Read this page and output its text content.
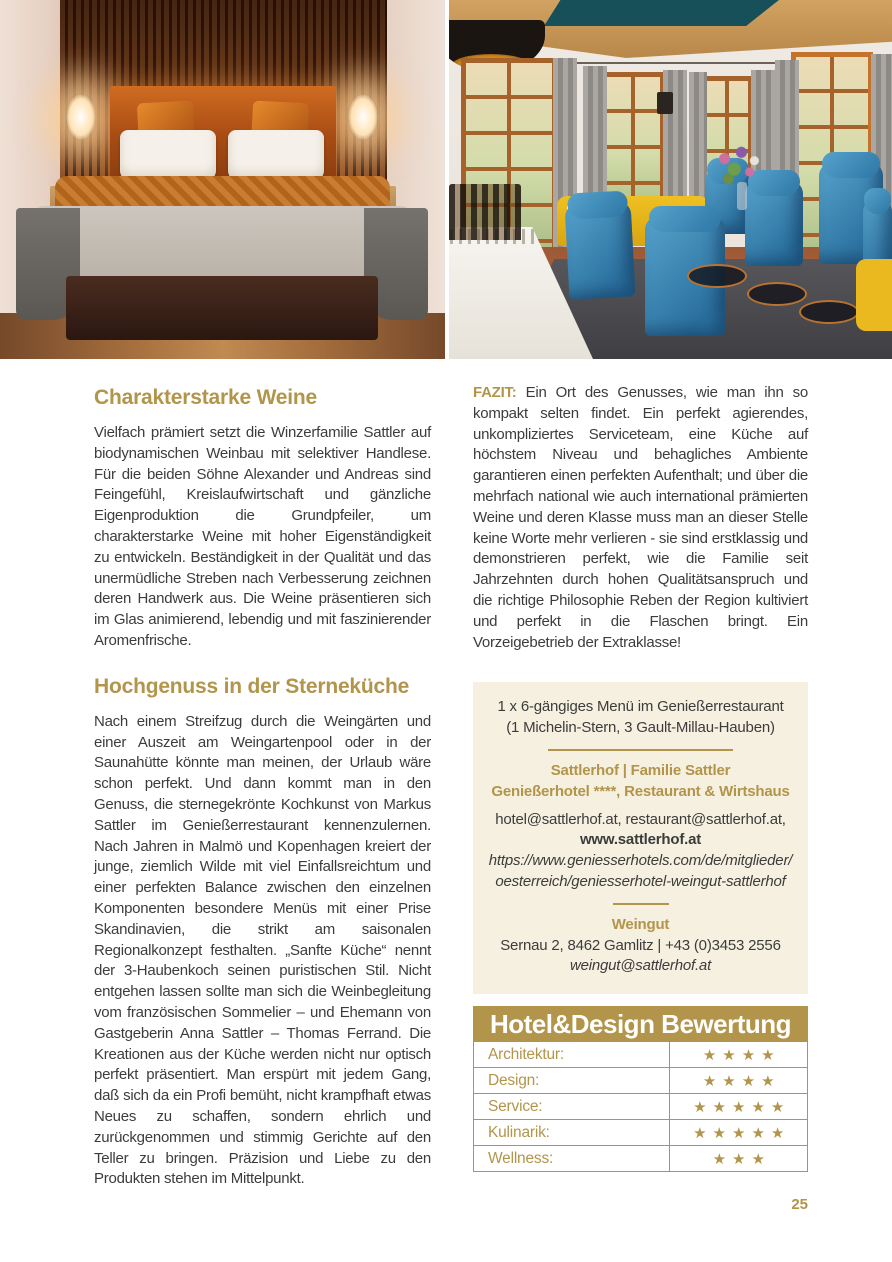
Charakterstarke Weine

Vielfach prämiert setzt die Winzerfamilie Sattler auf biodynamischen Weinbau mit selektiver Handlese. Für die beiden Söhne Alexander und Andreas sind Feingefühl, Kreislaufwirtschaft und gänzliche Eigenproduktion die Grundpfeiler, um charakterstarke Weine mit hoher Eigenständigkeit zu entwickeln. Beständigkeit in der Qualität und das unermüdliche Streben nach Verbesserung zeichnen deren Handwerk aus. Die Weine präsentieren sich im Glas animierend, lebendig und mit faszinierender Aromenfrische.

Hochgenuss in der Sterneküche

Nach einem Streifzug durch die Weingärten und einer Auszeit am Weingartenpool oder in der Saunahütte könnte man meinen, der Urlaub wäre schon perfekt. Und dann kommt man in den Genuss, die sternegekrönte Kochkunst von Markus Sattler im Genießerrestaurant kennenzulernen. Nach Jahren in Malmö und Kopenhagen kreiert der junge, ziemlich Wilde mit viel Einfallsreichtum und einer perfekten Balance zwischen den einzelnen Komponenten besondere Menüs mit einer Prise Skandinavien, die strikt am saisonalen Regionalkonzept festhalten. „Sanfte Küche“ nennt der 3-Haubenkoch seinen puristischen Stil. Nicht entgehen lassen sollte man sich die Weinbegleitung vom französischen Sommelier – und Ehemann von Gastgeberin Anna Sattler – Thomas Ferrand. Die Kreationen aus der Küche werden nicht nur optisch perfekt präsentiert. Man erspürt mit jedem Gang, daß sich da ein Profi bemüht, nicht krampfhaft etwas Neues zu schaffen, sondern ehrlich und zurückgenommen und stimmig Gerichte auf den Teller zu bringen. Präzision und Liebe zu den Produkten stehen im Mittelpunkt.

FAZIT: Ein Ort des Genusses, wie man ihn so kompakt selten findet. Ein perfekt agierendes, unkompliziertes Serviceteam, eine Küche auf höchstem Niveau und behagliches Ambiente garantieren einen perfekten Aufenthalt; und über die mehrfach national wie auch international prämierten Weine und deren Klasse muss man an dieser Stelle keine Worte mehr verlieren - sie sind erstklassig und demonstrieren perfekt, wie die Familie seit Jahrzehnten durch hohen Qualitätsanspruch und die richtige Philosophie Reben der Region kultiviert und perfekt in die Flaschen bringt. Ein Vorzeigebetrieb der Extraklasse!

1 x 6-gängiges Menü im Genießerrestaurant

(1 Michelin-Stern, 3 Gault-Millau-Hauben)

Sattlerhof | Familie Sattler

Genießerhotel ****, Restaurant & Wirtshaus

hotel@sattlerhof.at, restaurant@sattlerhof.at,

www.sattlerhof.at

https://www.geniesserhotels.com/de/mitglieder/

oesterreich/geniesserhotel-weingut-sattlerhof

Weingut

Sernau 2, 8462 Gamlitz | +43 (0)3453 2556

weingut@sattlerhof.at

Hotel&Design Bewertung
Architektur:	★★★★
Design:	★★★★
Service:	★★★★★
Kulinarik:	★★★★★
Wellness:	★★★
25
